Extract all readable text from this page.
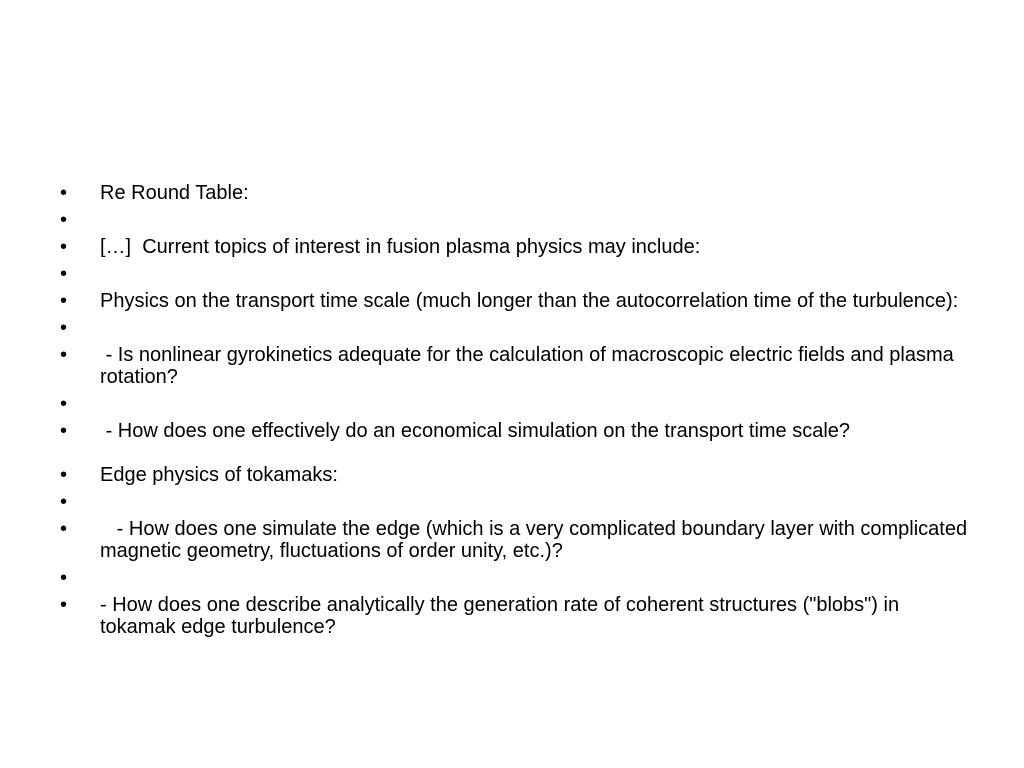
•	Re Round Table:
•
•	[…]  Current topics of interest in fusion plasma physics may include:
•
•	Physics on the transport time scale (much longer than the autocorrelation time of the turbulence):
•
•	- Is nonlinear gyrokinetics adequate for the calculation of macroscopic electric fields and plasma rotation?
•
•	- How does one effectively do an economical simulation on the transport time scale?
•	Edge physics of tokamaks:
•
•	- How does one simulate the edge (which is a very complicated boundary layer with complicated magnetic geometry, fluctuations of order unity, etc.)?
•
•	- How does one describe analytically the generation rate of coherent structures ("blobs") in tokamak edge turbulence?
